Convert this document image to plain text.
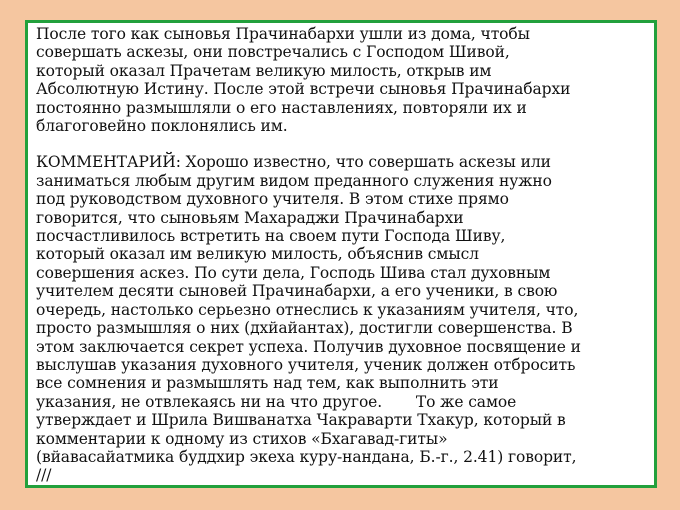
После того как сыновья Прачинабархи ушли из дома, чтобы
совершать аскезы, они повстречались с Господом Шивой,
который оказал Прачетам великую милость, открыв им
Абсолютную Истину. После этой встречи сыновья Прачинабархи
постоянно размышляли о его наставлениях, повторяли их и
благоговейно поклонялись им.

КОММЕНТАРИЙ: Хорошо известно, что совершать аскезы или
заниматься любым другим видом преданного служения нужно
под руководством духовного учителя. В этом стихе прямо
говорится, что сыновьям Махараджи Прачинабархи
посчастливилось встретить на своем пути Господа Шиву,
который оказал им великую милость, объяснив смысл
совершения аскез. По сути дела, Господь Шива стал духовным
учителем десяти сыновей Прачинабархи, а его ученики, в свою
очередь, настолько серьезно отнеслись к указаниям учителя, что,
просто размышляя о них (дхйайантах), достигли совершенства. В
этом заключается секрет успеха. Получив духовное посвящение и
выслушав указания духовного учителя, ученик должен отбросить
все сомнения и размышлять над тем, как выполнить эти
указания, не отвлекаясь ни на что другое.       То же самое
утверждает и Шрила Вишванатха Чакраварти Тхакур, который в
комментарии к одному из стихов «Бхагавад-гиты»
(вйавасайатмика буддхир экеха куру-нандана, Б.-г., 2.41) говорит,
///
